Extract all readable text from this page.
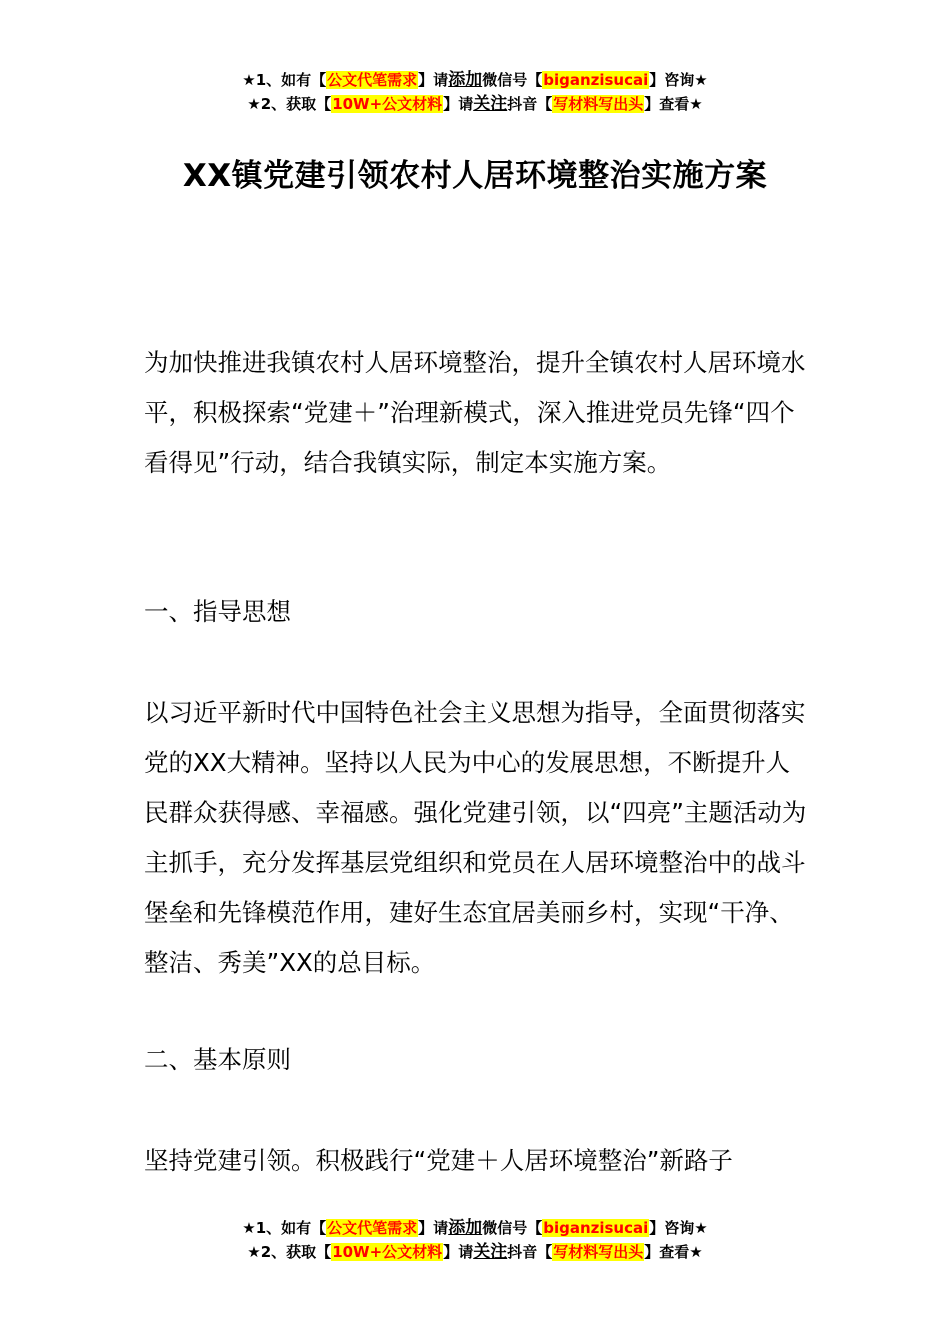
★1、如有【公文代笔需求】请添加微信号【biganzisucai】咨询★
★2、获取【10W+公文材料】请关注抖音【写材料写出头】查看★
XX镇党建引领农村人居环境整治实施方案

为加快推进我镇农村人居环境整治，提升全镇农村人居环境水平，积极探索“党建＋”治理新模式，深入推进党员先锋“四个看得见”行动，结合我镇实际，制定本实施方案。

一、指导思想

以习近平新时代中国特色社会主义思想为指导，全面贯彻落实党的XX大精神。坚持以人民为中心的发展思想，不断提升人民群众获得感、幸福感。强化党建引领，以“四亮”主题活动为主抓手，充分发挥基层党组织和党员在人居环境整治中的战斗堡垒和先锋模范作用，建好生态宜居美丽乡村，实现“干净、整洁、秀美”XX的总目标。

二、基本原则

坚持党建引领。积极践行“党建＋人居环境整治”新路子

★1、如有【公文代笔需求】请添加微信号【biganzisucai】咨询★
★2、获取【10W+公文材料】请关注抖音【写材料写出头】查看★
